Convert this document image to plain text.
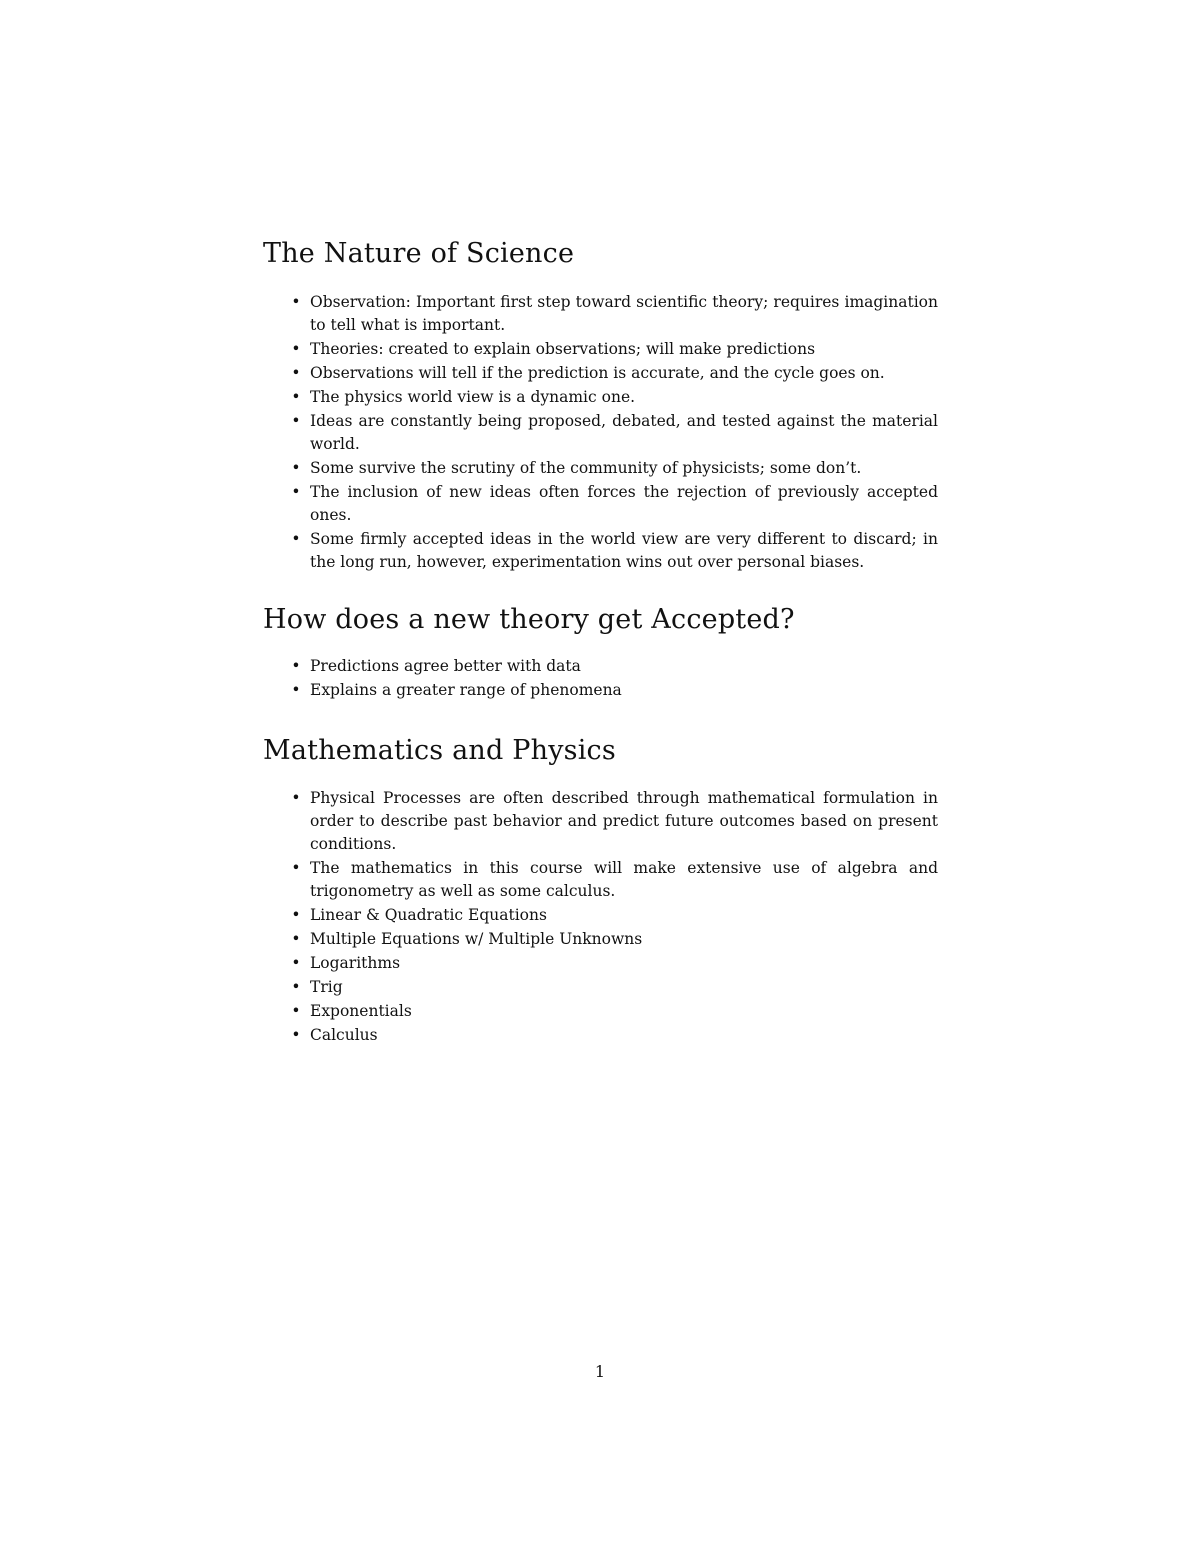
The Nature of Science
• Observation: Important first step toward scientific theory; requires imagination to tell what is important.
• Theories: created to explain observations; will make predictions
• Observations will tell if the prediction is accurate, and the cycle goes on.
• The physics world view is a dynamic one.
• Ideas are constantly being proposed, debated, and tested against the material world.
• Some survive the scrutiny of the community of physicists; some don’t.
• The inclusion of new ideas often forces the rejection of previously accepted ones.
• Some firmly accepted ideas in the world view are very different to discard; in the long run, however, experimentation wins out over personal biases.
How does a new theory get Accepted?
• Predictions agree better with data
• Explains a greater range of phenomena
Mathematics and Physics
• Physical Processes are often described through mathematical formulation in order to describe past behavior and predict future outcomes based on present conditions.
• The mathematics in this course will make extensive use of algebra and trigonometry as well as some calculus.
• Linear & Quadratic Equations
• Multiple Equations w/ Multiple Unknowns
• Logarithms
• Trig
• Exponentials
• Calculus
1
